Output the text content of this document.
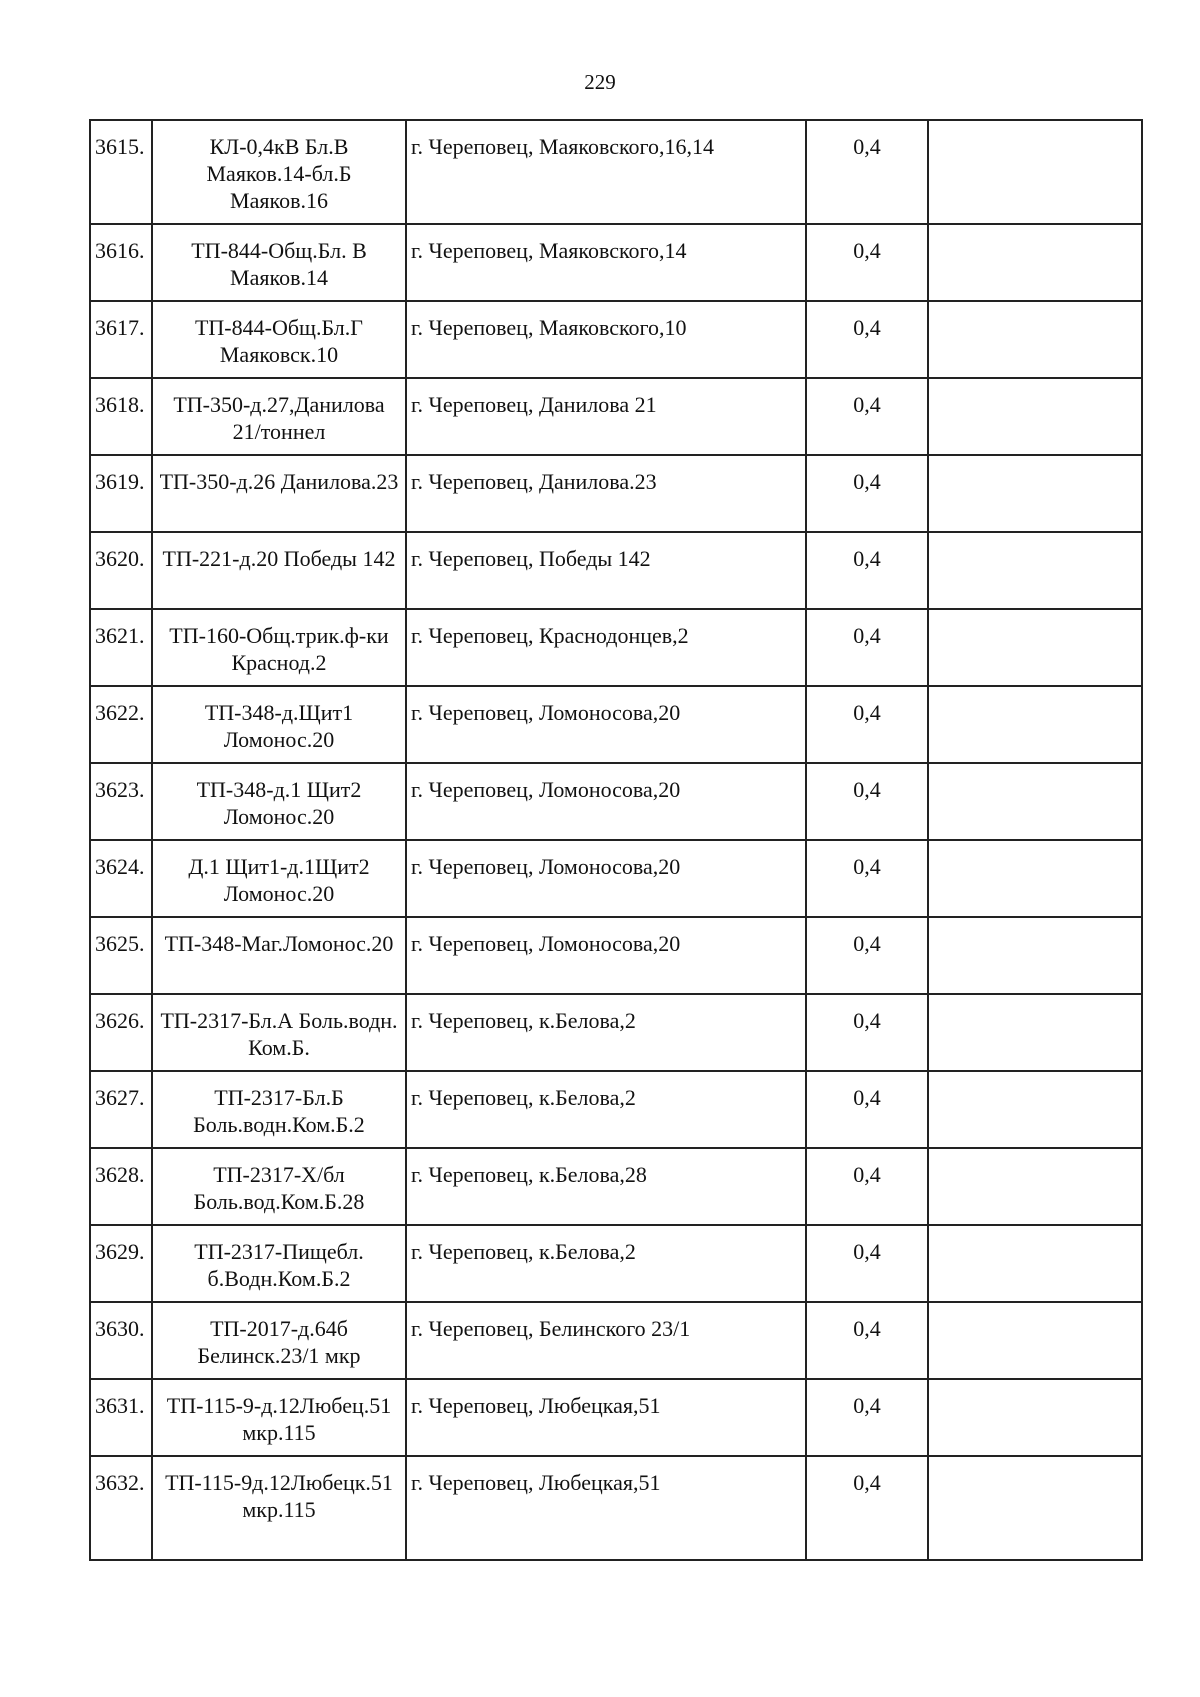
229
3615.	КЛ-0,4кВ Бл.В Маяков.14-бл.Б Маяков.16	г. Череповец, Маяковского,16,14	0,4	
3616.	ТП-844-Общ.Бл. В Маяков.14	г. Череповец, Маяковского,14	0,4	
3617.	ТП-844-Общ.Бл.Г Маяковск.10	г. Череповец, Маяковского,10	0,4	
3618.	ТП-350-д.27,Данилова 21/тоннел	г. Череповец, Данилова 21	0,4	
3619.	ТП-350-д.26 Данилова.23	г. Череповец, Данилова.23	0,4	
3620.	ТП-221-д.20 Победы 142	г. Череповец, Победы 142	0,4	
3621.	ТП-160-Общ.трик.ф-ки Краснод.2	г. Череповец, Краснодонцев,2	0,4	
3622.	ТП-348-д.Щит1 Ломонос.20	г. Череповец, Ломоносова,20	0,4	
3623.	ТП-348-д.1 Щит2 Ломонос.20	г. Череповец, Ломоносова,20	0,4	
3624.	Д.1 Щит1-д.1Щит2 Ломонос.20	г. Череповец, Ломоносова,20	0,4	
3625.	ТП-348-Маг.Ломонос.20	г. Череповец, Ломоносова,20	0,4	
3626.	ТП-2317-Бл.А Боль.водн. Ком.Б.	г. Череповец, к.Белова,2	0,4	
3627.	ТП-2317-Бл.Б Боль.водн.Ком.Б.2	г. Череповец, к.Белова,2	0,4	
3628.	ТП-2317-Х/бл Боль.вод.Ком.Б.28	г. Череповец, к.Белова,28	0,4	
3629.	ТП-2317-Пищебл. б.Водн.Ком.Б.2	г. Череповец, к.Белова,2	0,4	
3630.	ТП-2017-д.64б Белинск.23/1 мкр	г. Череповец, Белинского 23/1	0,4	
3631.	ТП-115-9-д.12Любец.51 мкр.115	г. Череповец, Любецкая,51	0,4	
3632.	ТП-115-9д.12Любецк.51 мкр.115	г. Череповец, Любецкая,51	0,4	
